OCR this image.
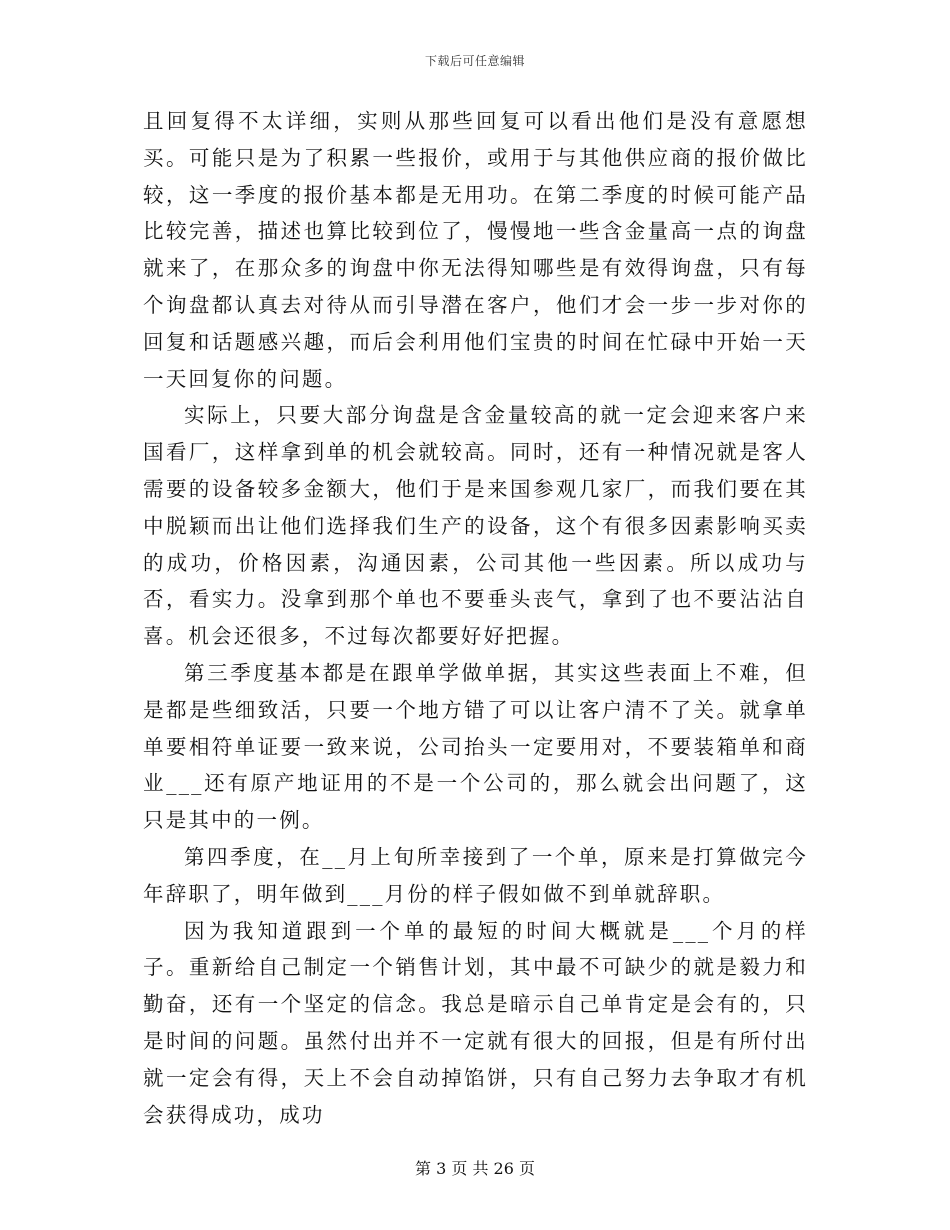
下载后可任意编辑

且回复得不太详细，实则从那些回复可以看出他们是没有意愿想买。可能只是为了积累一些报价，或用于与其他供应商的报价做比较，这一季度的报价基本都是无用功。在第二季度的时候可能产品比较完善，描述也算比较到位了，慢慢地一些含金量高一点的询盘就来了，在那众多的询盘中你无法得知哪些是有效得询盘，只有每个询盘都认真去对待从而引导潜在客户，他们才会一步一步对你的回复和话题感兴趣，而后会利用他们宝贵的时间在忙碌中开始一天一天回复你的问题。

实际上，只要大部分询盘是含金量较高的就一定会迎来客户来国看厂，这样拿到单的机会就较高。同时，还有一种情况就是客人需要的设备较多金额大，他们于是来国参观几家厂，而我们要在其中脱颖而出让他们选择我们生产的设备，这个有很多因素影响买卖的成功，价格因素，沟通因素，公司其他一些因素。所以成功与否，看实力。没拿到那个单也不要垂头丧气，拿到了也不要沾沾自喜。机会还很多，不过每次都要好好把握。

第三季度基本都是在跟单学做单据，其实这些表面上不难，但是都是些细致活，只要一个地方错了可以让客户清不了关。就拿单单要相符单证要一致来说，公司抬头一定要用对，不要装箱单和商业___还有原产地证用的不是一个公司的，那么就会出问题了，这只是其中的一例。

第四季度，在__月上旬所幸接到了一个单，原来是打算做完今年辞职了，明年做到___月份的样子假如做不到单就辞职。

因为我知道跟到一个单的最短的时间大概就是___个月的样子。重新给自己制定一个销售计划，其中最不可缺少的就是毅力和勤奋，还有一个坚定的信念。我总是暗示自己单肯定是会有的，只是时间的问题。虽然付出并不一定就有很大的回报，但是有所付出就一定会有得，天上不会自动掉馅饼，只有自己努力去争取才有机会获得成功，成功

第 3 页 共 26 页
